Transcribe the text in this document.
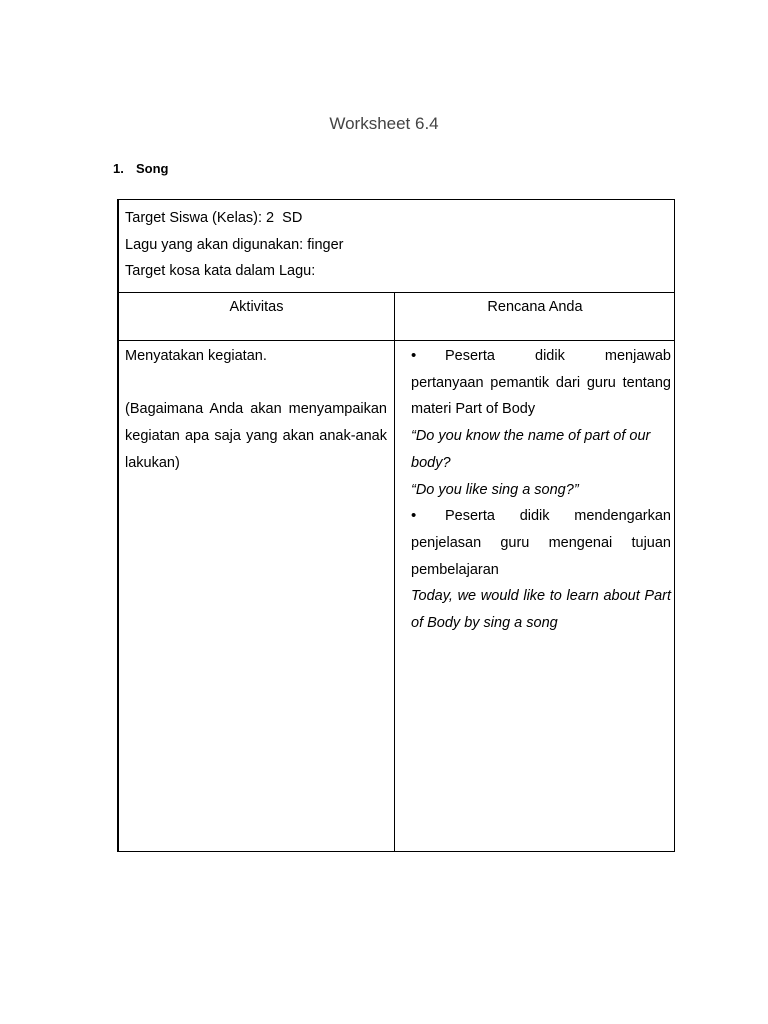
Worksheet 6.4
1. Song
Target Siswa (Kelas): 2  SD
Lagu yang akan digunakan: finger
Target kosa kata dalam Lagu:
Aktivitas	Rencana Anda
Menyatakan kegiatan.
(Bagaimana Anda akan menyampaikan kegiatan apa saja yang akan anak-anak lakukan)
• Peserta didik menjawab pertanyaan pemantik dari guru tentang materi Part of Body
“Do you know the name of part of our body?
“Do you like sing a song?”
• Peserta didik mendengarkan penjelasan guru mengenai tujuan pembelajaran
Today, we would like to learn about Part of Body by sing a song
